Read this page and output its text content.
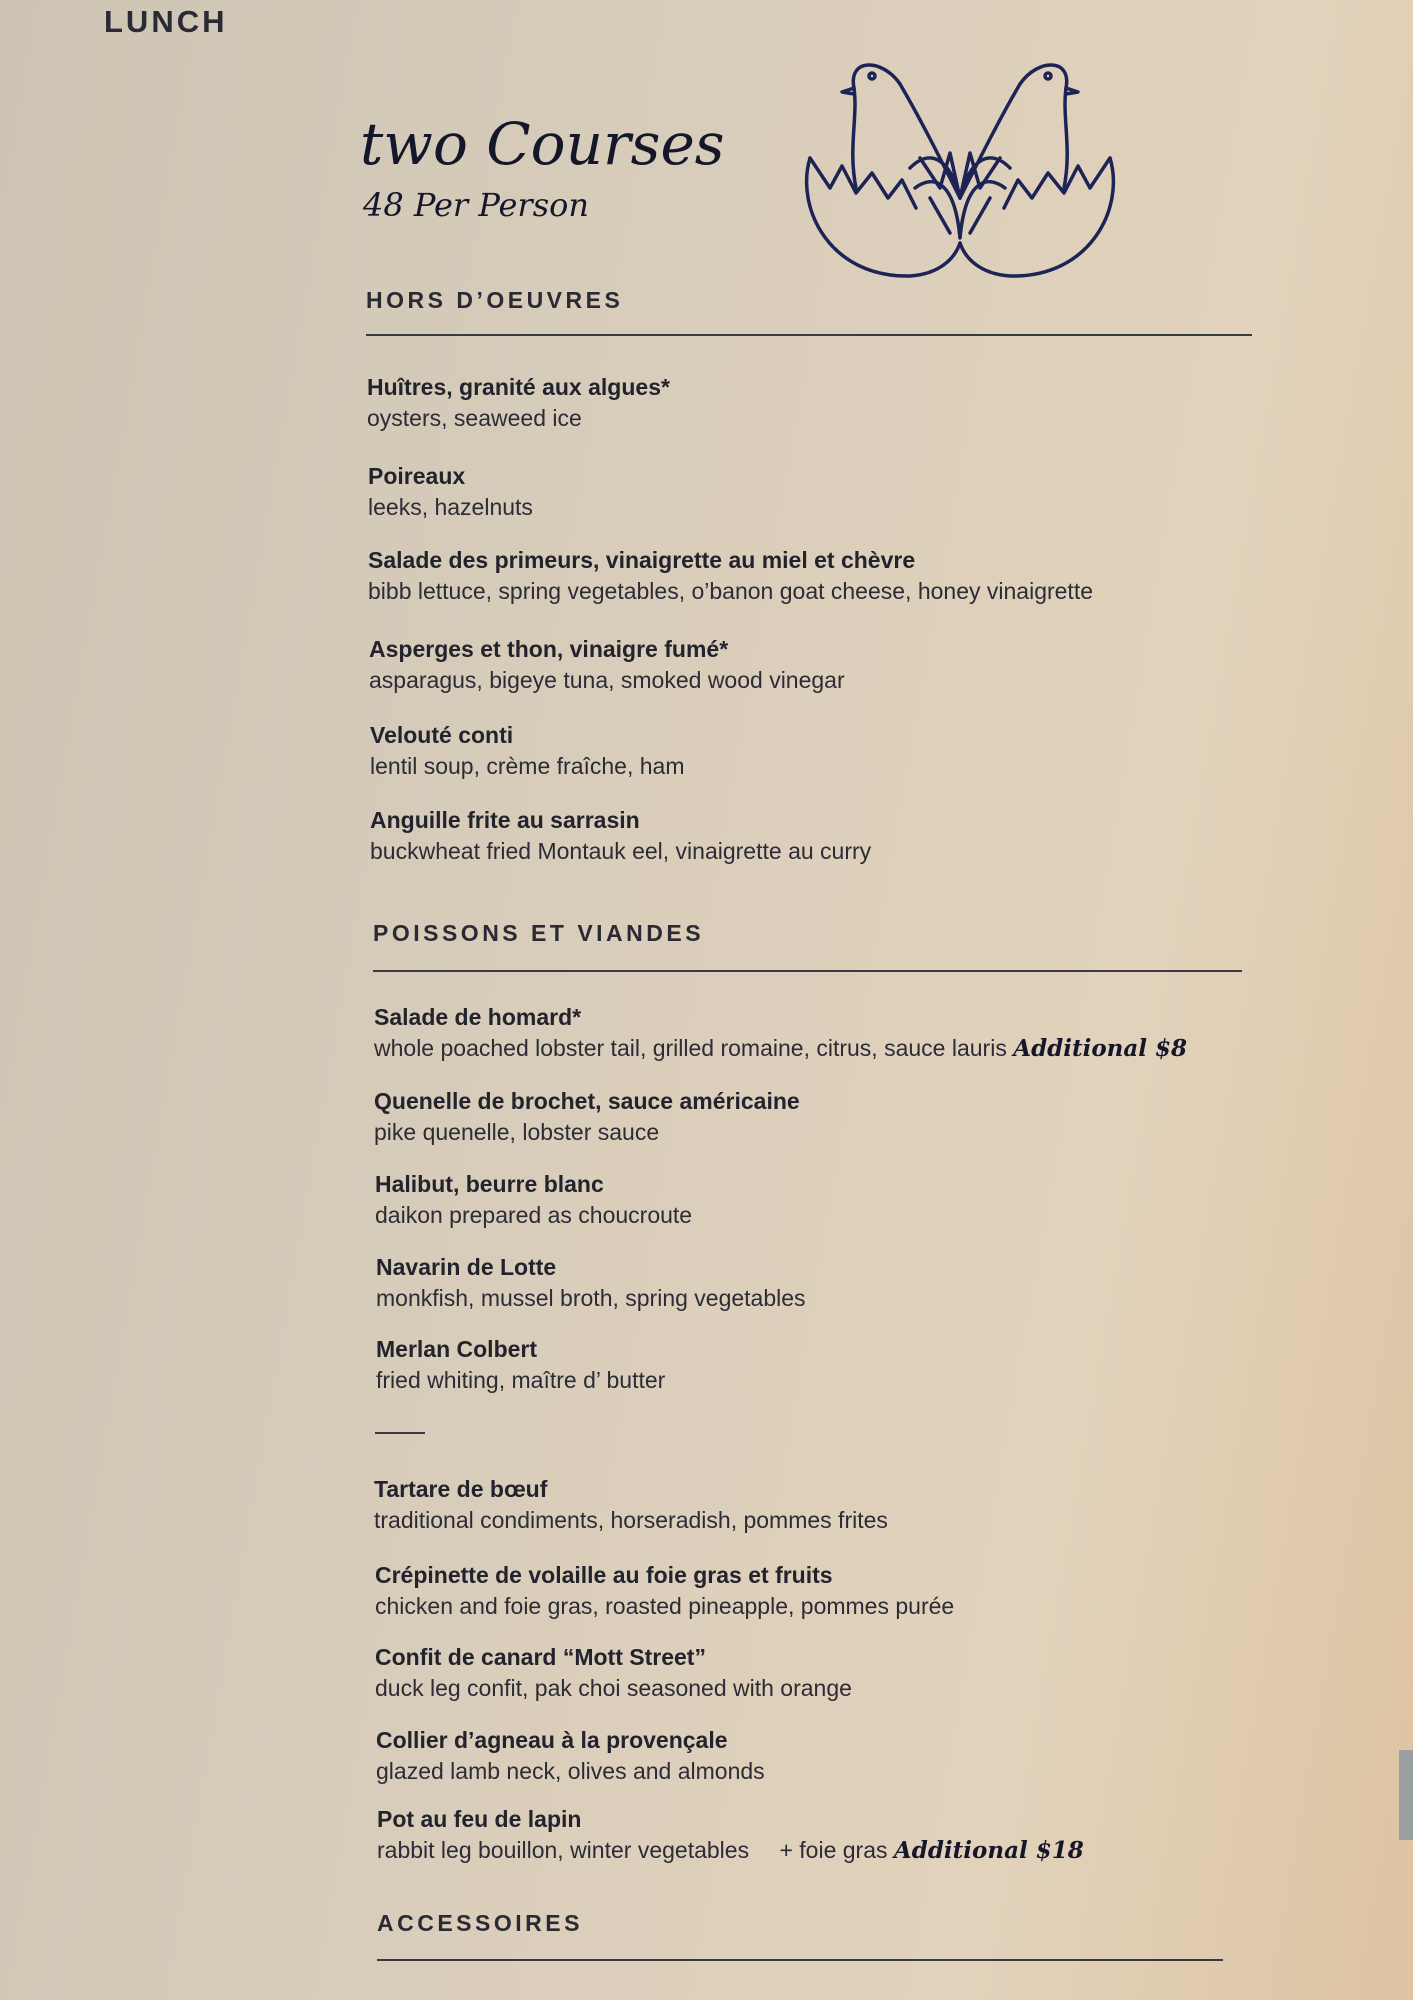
LUNCH
two Courses
48 Per Person
HORS D’OEUVRES
Huîtres, granité aux algues*
oysters, seaweed ice
Poireaux
leeks, hazelnuts
Salade des primeurs, vinaigrette au miel et chèvre
bibb lettuce, spring vegetables, o’banon goat cheese, honey vinaigrette
Asperges et thon, vinaigre fumé*
asparagus, bigeye tuna, smoked wood vinegar
Velouté conti
lentil soup, crème fraîche, ham
Anguille frite au sarrasin
buckwheat fried Montauk eel, vinaigrette au curry
POISSONS ET VIANDES
Salade de homard*
whole poached lobster tail, grilled romaine, citrus, sauce lauris Additional $8
Quenelle de brochet, sauce américaine
pike quenelle, lobster sauce
Halibut, beurre blanc
daikon prepared as choucroute
Navarin de Lotte
monkfish, mussel broth, spring vegetables
Merlan Colbert
fried whiting, maître d’ butter
Tartare de bœuf
traditional condiments, horseradish, pommes frites
Crépinette de volaille au foie gras et fruits
chicken and foie gras, roasted pineapple, pommes purée
Confit de canard “Mott Street”
duck leg confit, pak choi seasoned with orange
Collier d’agneau à la provençale
glazed lamb neck, olives and almonds
Pot au feu de lapin
rabbit leg bouillon, winter vegetables + foie gras Additional $18
ACCESSOIRES
